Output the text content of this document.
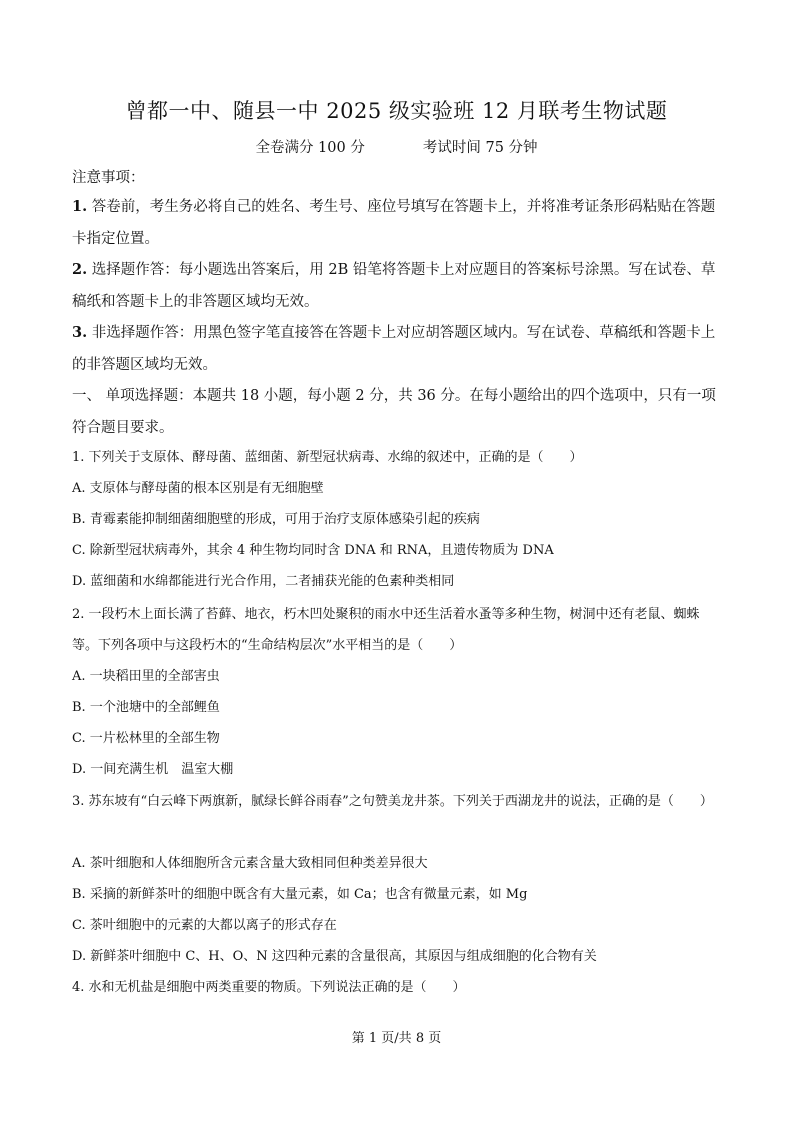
曾都一中、随县一中 2025 级实验班 12 月联考生物试题
全卷满分 100 分	考试时间 75 分钟
注意事项：

1. 答卷前，考生务必将自己的姓名、考生号、座位号填写在答题卡上，并将准考证条形码粘贴在答题卡指定位置。

2. 选择题作答：每小题选出答案后，用 2B 铅笔将答题卡上对应题目的答案标号涂黑。写在试卷、草稿纸和答题卡上的非答题区域均无效。

3. 非选择题作答：用黑色签字笔直接答在答题卡上对应胡答题区域内。写在试卷、草稿纸和答题卡上的非答题区域均无效。

一、 单项选择题：本题共 18 小题，每小题 2 分，共 36 分。在每小题给出的四个选项中，只有一项符合题目要求。

1. 下列关于支原体、酵母菌、蓝细菌、新型冠状病毒、水绵的叙述中，正确的是（　　）

A. 支原体与酵母菌的根本区别是有无细胞壁

B. 青霉素能抑制细菌细胞壁的形成，可用于治疗支原体感染引起的疾病

C. 除新型冠状病毒外，其余 4 种生物均同时含 DNA 和 RNA，且遗传物质为 DNA

D. 蓝细菌和水绵都能进行光合作用，二者捕获光能的色素种类相同

2. 一段朽木上面长满了苔藓、地衣，朽木凹处聚积的雨水中还生活着水蚤等多种生物，树洞中还有老鼠、蜘蛛等。下列各项中与这段朽木的“生命结构层次”水平相当的是（　　）

A. 一块稻田里的全部害虫

B. 一个池塘中的全部鲤鱼

C. 一片松林里的全部生物

D. 一间充满生机　温室大棚

3. 苏东坡有“白云峰下两旗新，腻绿长鲜谷雨春”之句赞美龙井茶。下列关于西湖龙井的说法，正确的是（　　）

A. 茶叶细胞和人体细胞所含元素含量大致相同但种类差异很大

B. 采摘的新鲜茶叶的细胞中既含有大量元素，如 Ca；也含有微量元素，如 Mg

C. 茶叶细胞中的元素的大都以离子的形式存在

D. 新鲜茶叶细胞中 C、H、O、N 这四种元素的含量很高，其原因与组成细胞的化合物有关

4. 水和无机盐是细胞中两类重要的物质。下列说法正确的是（　　）

第 1 页/共 8 页
